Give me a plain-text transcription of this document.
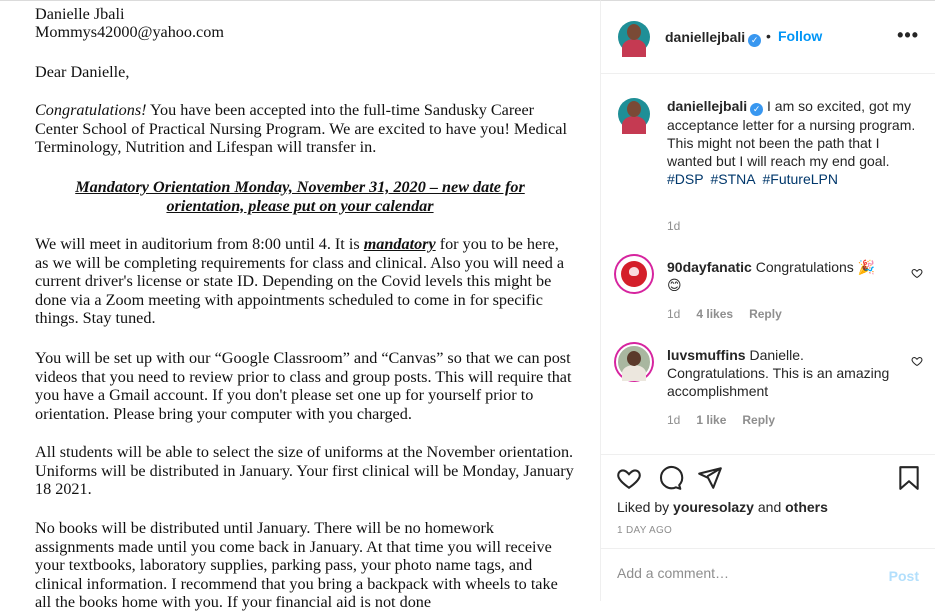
Danielle Jbali

Mommys42000@yahoo.com

Dear Danielle,

Congratulations! You have been accepted into the full-time Sandusky Career Center School of Practical Nursing Program. We are excited to have you! Medical Terminology, Nutrition and Lifespan will transfer in.

Mandatory Orientation Monday, November 31, 2020 – new date for orientation, please put on your calendar

We will meet in auditorium from 8:00 until 4. It is mandatory for you to be here, as we will be completing requirements for class and clinical. Also you will need a current driver's license or state ID. Depending on the Covid levels this might be done via a Zoom meeting with appointments scheduled to come in for specific things. Stay tuned.

You will be set up with our “Google Classroom” and “Canvas” so that we can post videos that you need to review prior to class and group posts. This will require that you have a Gmail account. If you don't please set one up for yourself prior to orientation. Please bring your computer with you charged.

All students will be able to select the size of uniforms at the November orientation. Uniforms will be distributed in January. Your first clinical will be Monday, January 18 2021.

No books will be distributed until January. There will be no homework assignments made until you come back in January. At that time you will receive your textbooks, laboratory supplies, parking pass, your photo name tags, and clinical information. I recommend that you bring a backpack with wheels to take all the books home with you. If your financial aid is not done

daniellejbali ✓ • Follow	•••
daniellejbali ✓ I am so excited, got my acceptance letter for a nursing program. This might not been the path that I wanted but I will reach my end goal.
#DSP #STNA #FutureLPN
1d
90dayfanatic Congratulations 🎉 😊
1d 4 likes Reply
luvsmuffins Danielle. Congratulations. This is an amazing accomplishment
1d 1 like Reply
Liked by youresolazy and others
1 DAY AGO
Add a comment…
Post
